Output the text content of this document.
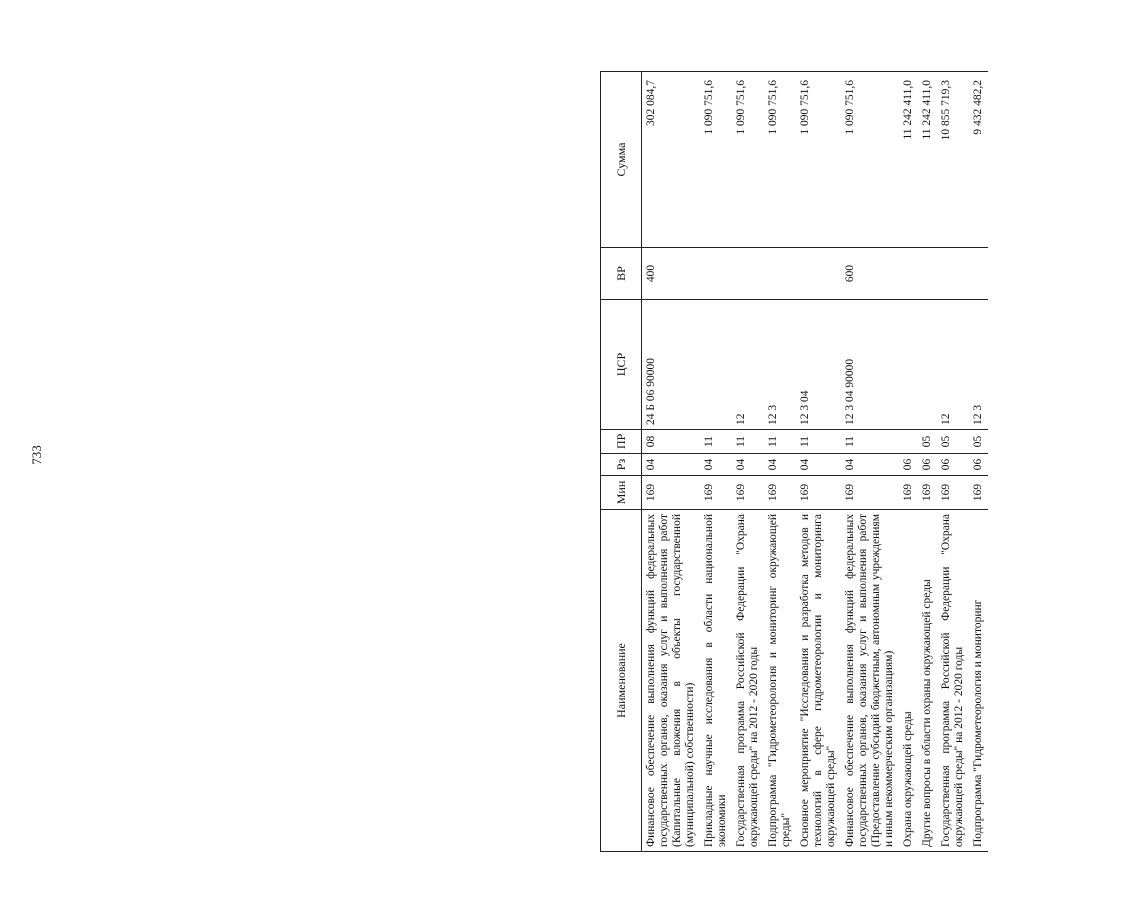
733
Наименование	Мин	Рз	ПР	ЦСР	ВР	Сумма
Финансовое обеспечение выполнения функций федеральных государственных органов, оказания услуг и выполнения работ (Капитальные вложения в объекты государственной (муниципальной) собственности)	169	04	08	24 Б 06 90000	400	302 084,7
Прикладные научные исследования в области национальной экономики	169	04	11			1 090 751,6
Государственная программа Российской Федерации "Охрана окружающей среды" на 2012 - 2020 годы	169	04	11	12		1 090 751,6
Подпрограмма "Гидрометеорология и мониторинг окружающей среды"	169	04	11	12 3		1 090 751,6
Основное мероприятие "Исследования и разработка методов и технологий в сфере гидрометеорологии и мониторинга окружающей среды"	169	04	11	12 3 04		1 090 751,6
Финансовое обеспечение выполнения функций федеральных государственных органов, оказания услуг и выполнения работ (Предоставление субсидий бюджетным, автономным учреждениям и иным некоммерческим организациям)	169	04	11	12 3 04 90000	600	1 090 751,6
Охрана окружающей среды	169	06				11 242 411,0
Другие вопросы в области охраны окружающей среды	169	06	05			11 242 411,0
Государственная программа Российской Федерации "Охрана окружающей среды" на 2012 - 2020 годы	169	06	05	12		10 855 719,3
Подпрограмма "Гидрометеорология и мониторинг	169	06	05	12 3		9 432 482,2
